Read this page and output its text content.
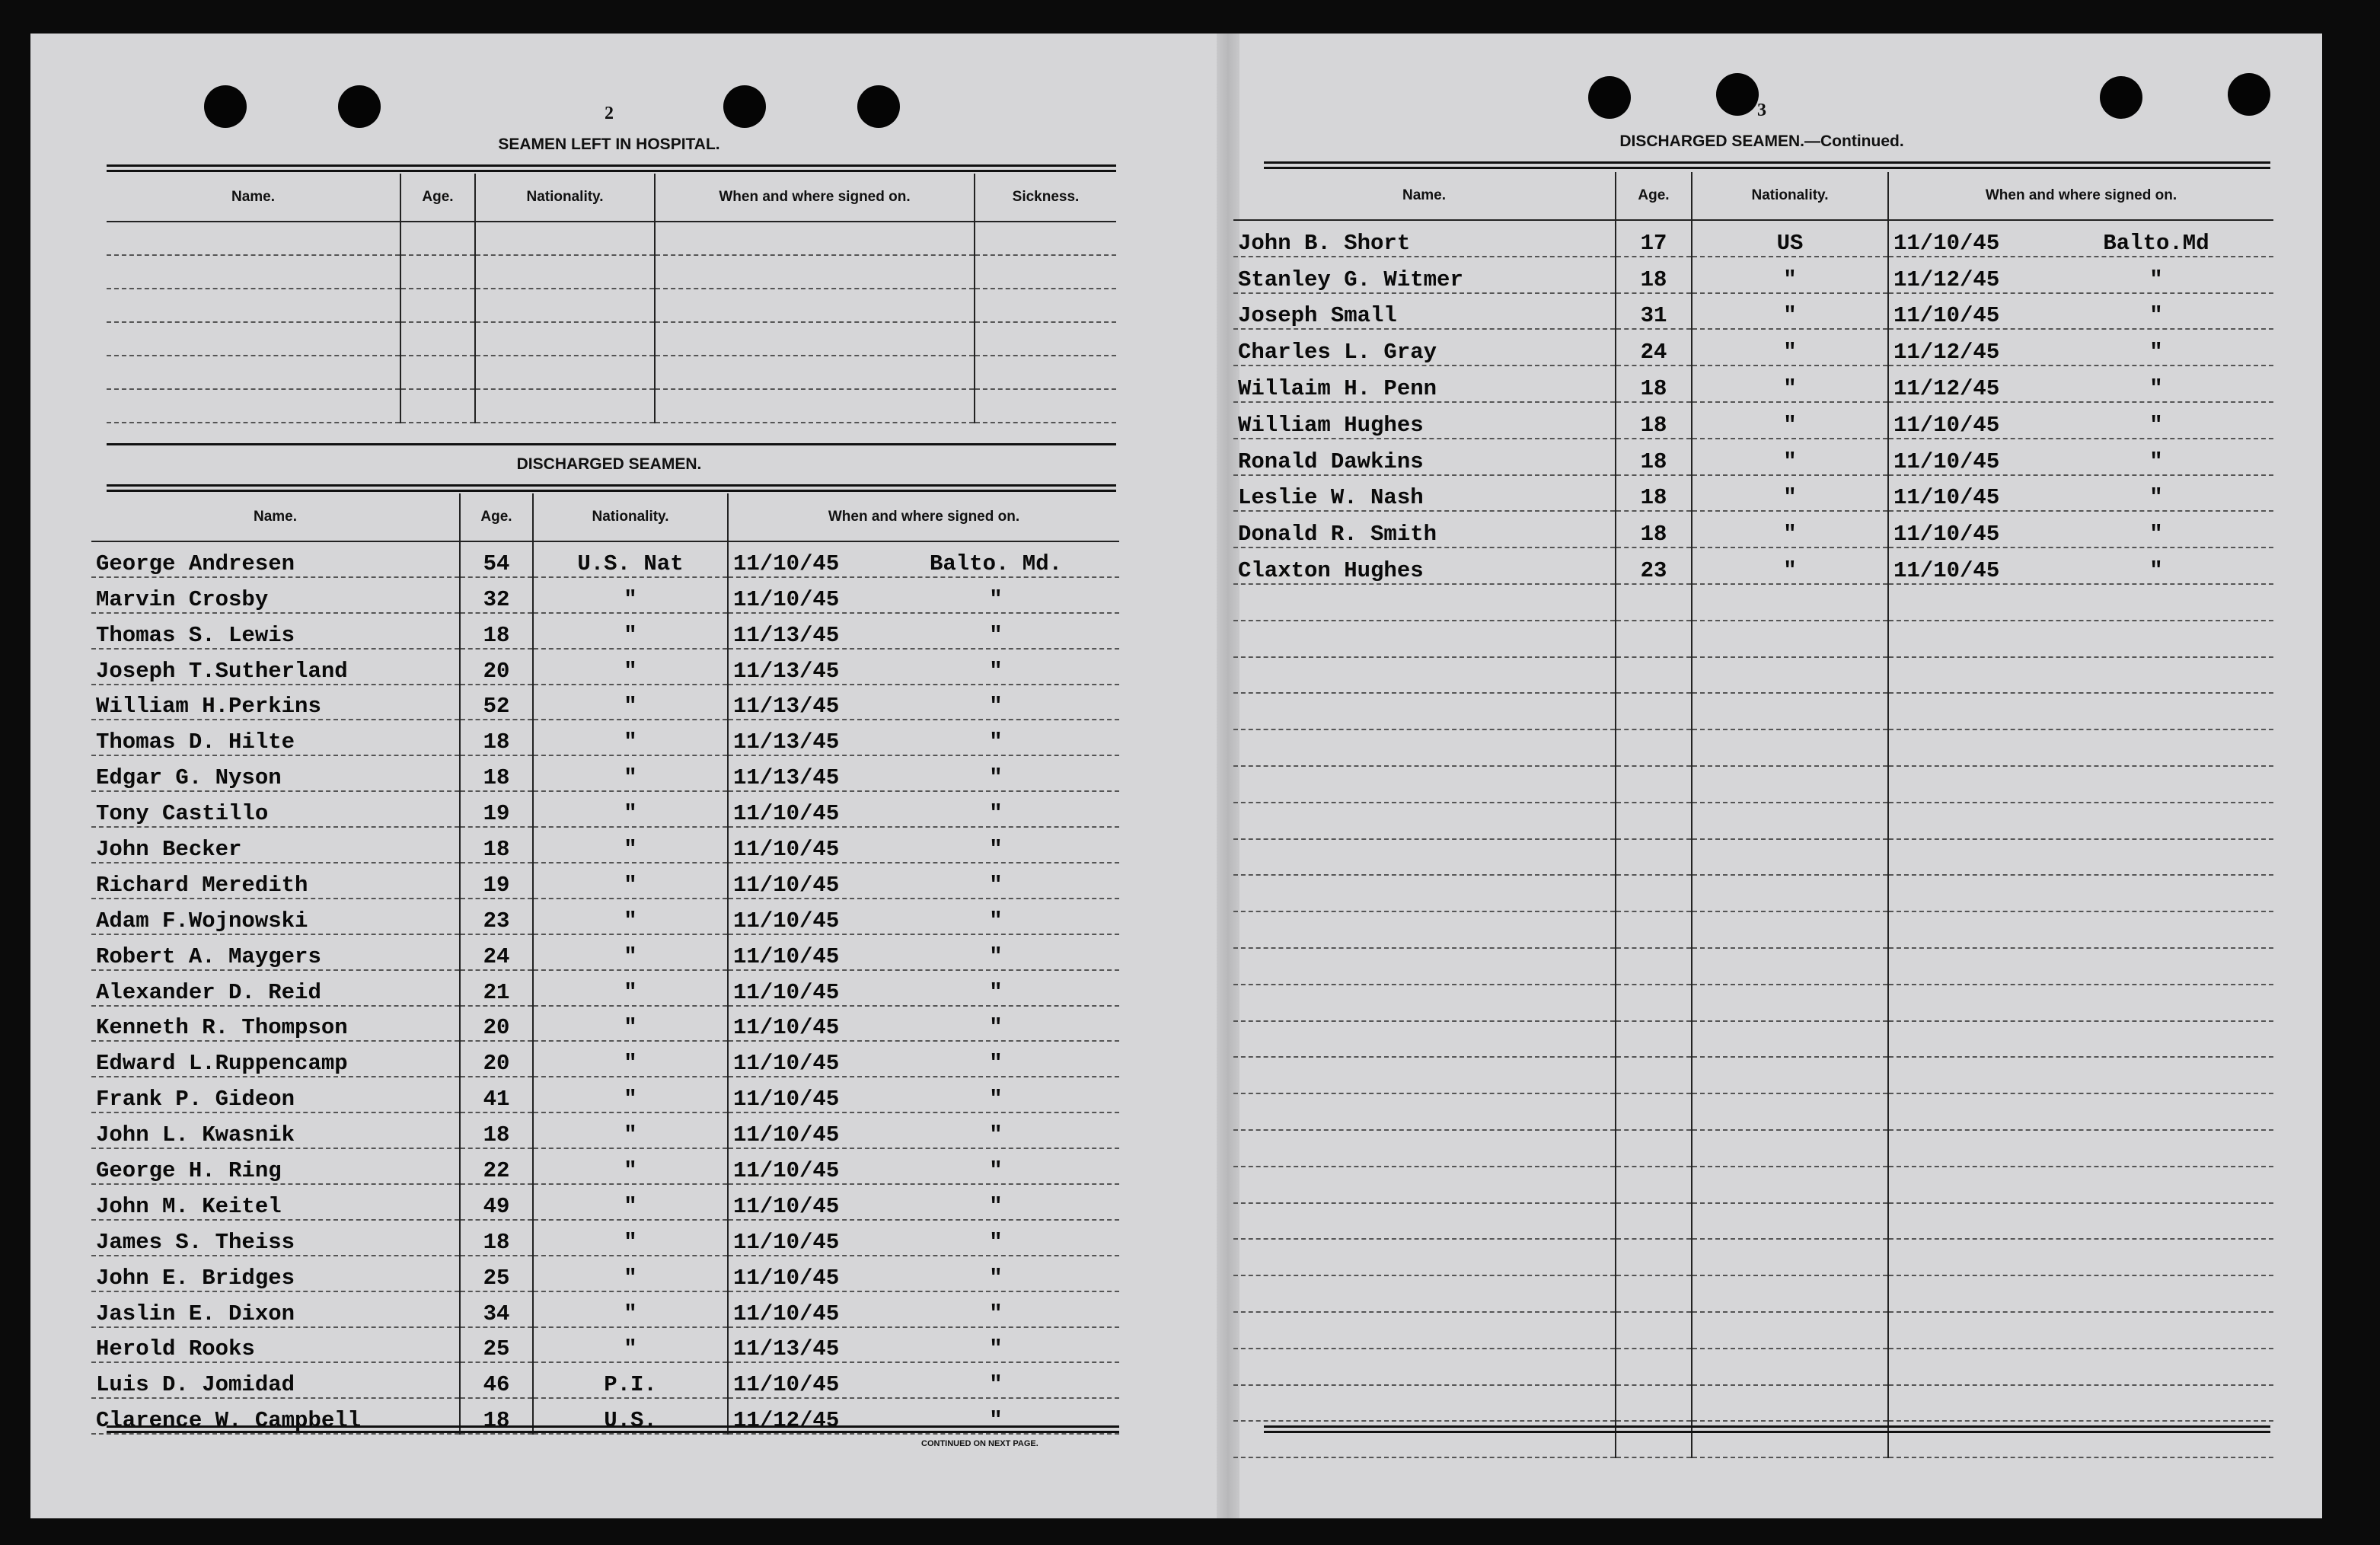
2
SEAMEN LEFT IN HOSPITAL.
Name.	Age.	Nationality.	When and where signed on.	Sickness.

DISCHARGED SEAMEN.
Name.	Age.	Nationality.	When and where signed on.
George Andresen	54	U.S. Nat	11/10/45 Balto. Md.
Marvin Crosby	32	"	11/10/45 "
Thomas S. Lewis	18	"	11/13/45 "
Joseph T.Sutherland	20	"	11/13/45 "
William H.Perkins	52	"	11/13/45 "
Thomas D. Hilte	18	"	11/13/45 "
Edgar G. Nyson	18	"	11/13/45 "
Tony Castillo	19	"	11/10/45 "
John Becker	18	"	11/10/45 "
Richard Meredith	19	"	11/10/45 "
Adam F.Wojnowski	23	"	11/10/45 "
Robert A. Maygers	24	"	11/10/45 "
Alexander D. Reid	21	"	11/10/45 "
Kenneth R. Thompson	20	"	11/10/45 "
Edward L.Ruppencamp	20	"	11/10/45 "
Frank P. Gideon	41	"	11/10/45 "
John L. Kwasnik	18	"	11/10/45 "
George H. Ring	22	"	11/10/45 "
John M. Keitel	49	"	11/10/45 "
James S. Theiss	18	"	11/10/45 "
John E. Bridges	25	"	11/10/45 "
Jaslin E. Dixon	34	"	11/10/45 "
Herold Rooks	25	"	11/13/45 "
Luis D. Jomidad	46	P.I.	11/10/45 "
Clarence W. Campbell	18	U.S.	11/12/45 "
CONTINUED ON NEXT PAGE.
3
DISCHARGED SEAMEN.—Continued.
Name.	Age.	Nationality.	When and where signed on.
John B. Short	17	US	11/10/45 Balto.Md
Stanley G. Witmer	18	"	11/12/45 "
Joseph Small	31	"	11/10/45 "
Charles L. Gray	24	"	11/12/45 "
Willaim H. Penn	18	"	11/12/45 "
William Hughes	18	"	11/10/45 "
Ronald Dawkins	18	"	11/10/45 "
Leslie W. Nash	18	"	11/10/45 "
Donald R. Smith	18	"	11/10/45 "
Claxton Hughes	23	"	11/10/45 "
